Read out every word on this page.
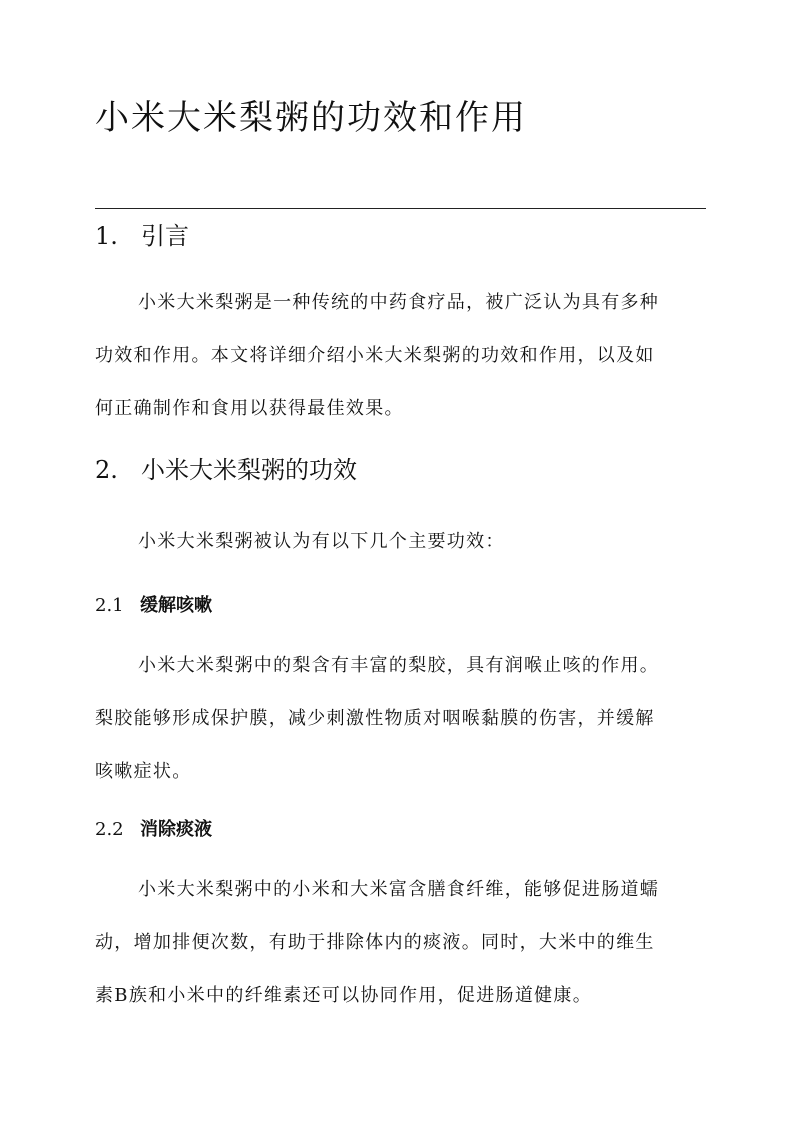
小米大米梨粥的功效和作用
1. 引言
小米大米梨粥是一种传统的中药食疗品，被广泛认为具有多种
功效和作用。本文将详细介绍小米大米梨粥的功效和作用，以及如
何正确制作和食用以获得最佳效果。
2. 小米大米梨粥的功效
小米大米梨粥被认为有以下几个主要功效：
2.1 缓解咳嗽
小米大米梨粥中的梨含有丰富的梨胶，具有润喉止咳的作用。
梨胶能够形成保护膜，减少刺激性物质对咽喉黏膜的伤害，并缓解
咳嗽症状。
2.2 消除痰液
小米大米梨粥中的小米和大米富含膳食纤维，能够促进肠道蠕
动，增加排便次数，有助于排除体内的痰液。同时，大米中的维生
素B族和小米中的纤维素还可以协同作用，促进肠道健康。
